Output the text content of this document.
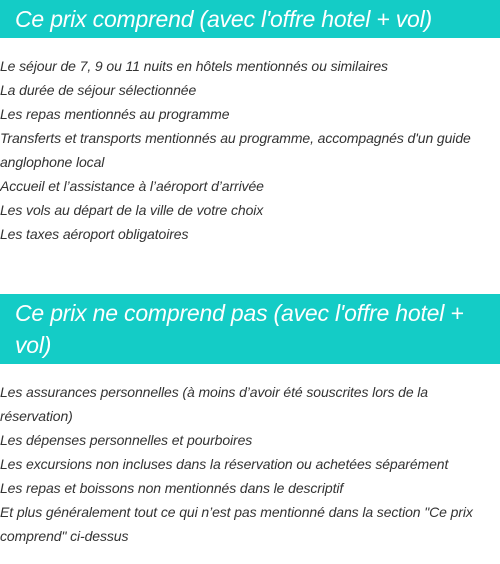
Ce prix comprend (avec l'offre hotel + vol)
Le séjour de 7, 9 ou 11 nuits en hôtels mentionnés ou similaires
La durée de séjour sélectionnée
Les repas mentionnés au programme
Transferts et transports mentionnés au programme, accompagnés d'un guide anglophone local
Accueil et l’assistance à l’aéroport d’arrivée
Les vols au départ de la ville de votre choix
Les taxes aéroport obligatoires
Ce prix ne comprend pas (avec l'offre hotel + vol)
Les assurances personnelles (à moins d’avoir été souscrites lors de la réservation)
Les dépenses personnelles et pourboires
Les excursions non incluses dans la réservation ou achetées séparément
Les repas et boissons non mentionnés dans le descriptif
Et plus généralement tout ce qui n’est pas mentionné dans la section "Ce prix comprend" ci-dessus
